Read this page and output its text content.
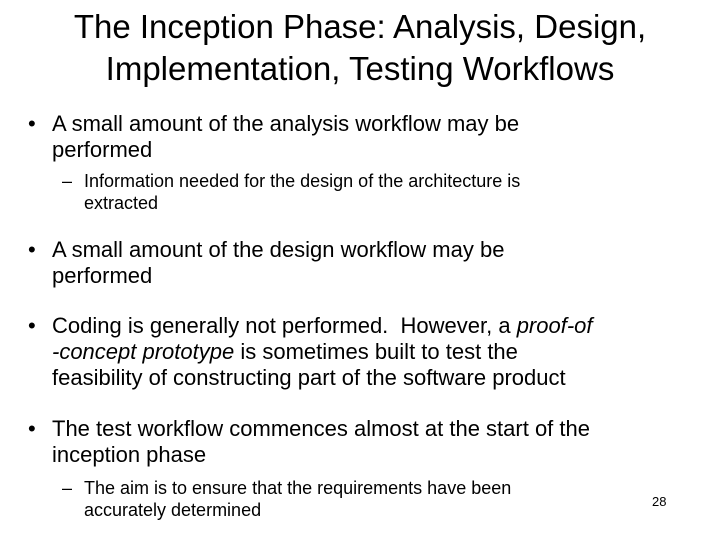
The Inception Phase: Analysis, Design,
Implementation, Testing Workflows
• A small amount of the analysis workflow may be
performed
– Information needed for the design of the architecture is
extracted
• A small amount of the design workflow may be
performed
• Coding is generally not performed.  However, a proof-of
-concept prototype is sometimes built to test the
feasibility of constructing part of the software product
• The test workflow commences almost at the start of the
inception phase
– The aim is to ensure that the requirements have been
accurately determined	28
